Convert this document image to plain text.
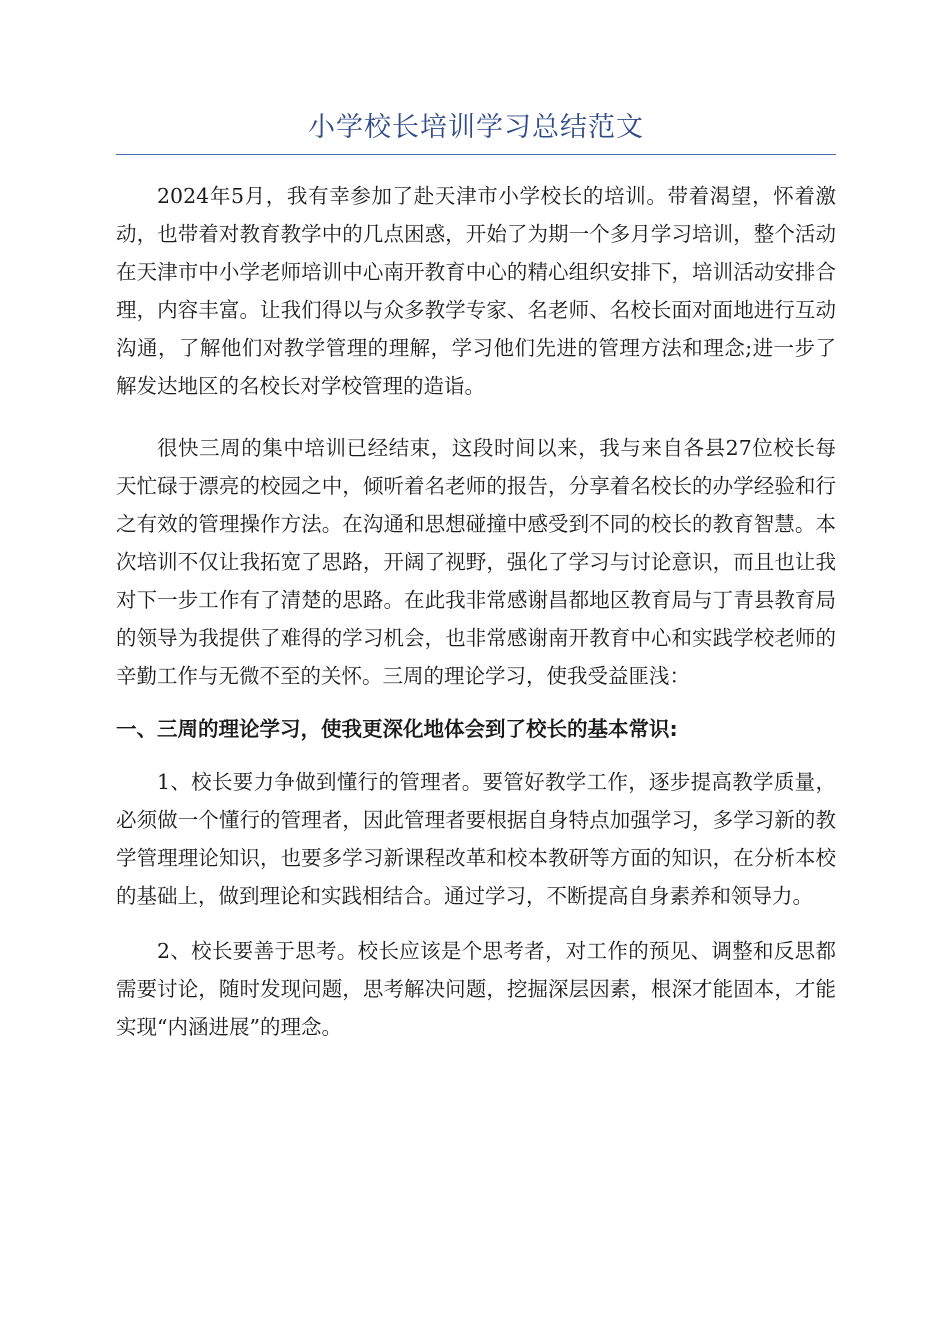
小学校长培训学习总结范文

2024年5月，我有幸参加了赴天津市小学校长的培训。带着渴望，怀着激动，也带着对教育教学中的几点困惑，开始了为期一个多月学习培训，整个活动在天津市中小学老师培训中心南开教育中心的精心组织安排下，培训活动安排合理，内容丰富。让我们得以与众多教学专家、名老师、名校长面对面地进行互动沟通，了解他们对教学管理的理解，学习他们先进的管理方法和理念;进一步了解发达地区的名校长对学校管理的造诣。

很快三周的集中培训已经结束，这段时间以来，我与来自各县27位校长每天忙碌于漂亮的校园之中，倾听着名老师的报告，分享着名校长的办学经验和行之有效的管理操作方法。在沟通和思想碰撞中感受到不同的校长的教育智慧。本次培训不仅让我拓宽了思路，开阔了视野，强化了学习与讨论意识，而且也让我对下一步工作有了清楚的思路。在此我非常感谢昌都地区教育局与丁青县教育局的领导为我提供了难得的学习机会，也非常感谢南开教育中心和实践学校老师的辛勤工作与无微不至的关怀。三周的理论学习，使我受益匪浅：

一、三周的理论学习，使我更深化地体会到了校长的基本常识:

1、校长要力争做到懂行的管理者。要管好教学工作，逐步提高教学质量，必须做一个懂行的管理者，因此管理者要根据自身特点加强学习，多学习新的教学管理理论知识，也要多学习新课程改革和校本教研等方面的知识，在分析本校的基础上，做到理论和实践相结合。通过学习，不断提高自身素养和领导力。

2、校长要善于思考。校长应该是个思考者，对工作的预见、调整和反思都需要讨论，随时发现问题，思考解决问题，挖掘深层因素，根深才能固本，才能实现“内涵进展”的理念。
